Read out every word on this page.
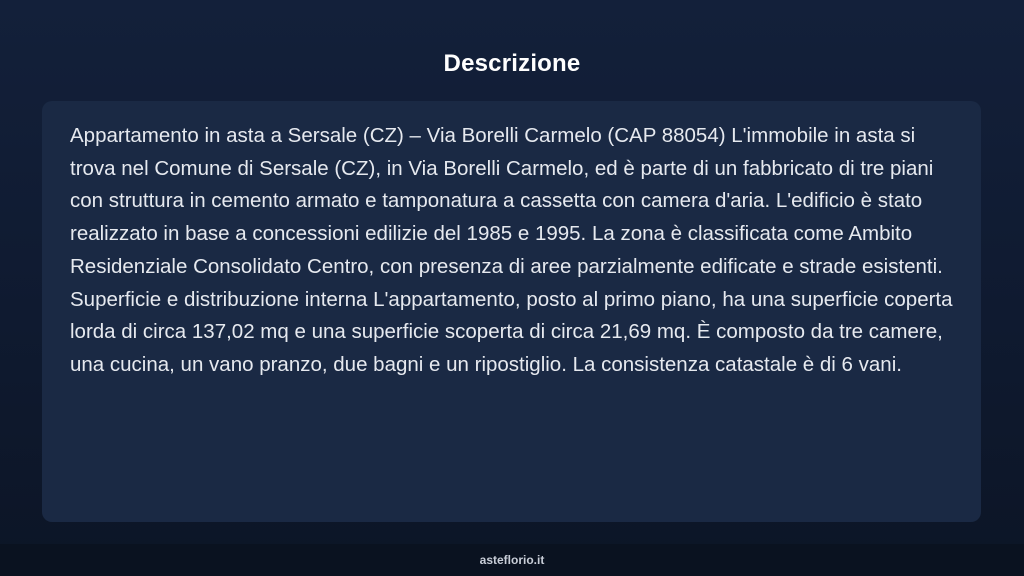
Descrizione

Appartamento in asta a Sersale (CZ) – Via Borelli Carmelo (CAP 88054) L'immobile in asta si trova nel Comune di Sersale (CZ), in Via Borelli Carmelo, ed è parte di un fabbricato di tre piani con struttura in cemento armato e tamponatura a cassetta con camera d'aria. L'edificio è stato realizzato in base a concessioni edilizie del 1985 e 1995. La zona è classificata come Ambito Residenziale Consolidato Centro, con presenza di aree parzialmente edificate e strade esistenti. Superficie e distribuzione interna L'appartamento, posto al primo piano, ha una superficie coperta lorda di circa 137,02 mq e una superficie scoperta di circa 21,69 mq. È composto da tre camere, una cucina, un vano pranzo, due bagni e un ripostiglio. La consistenza catastale è di 6 vani.

asteflorio.it
